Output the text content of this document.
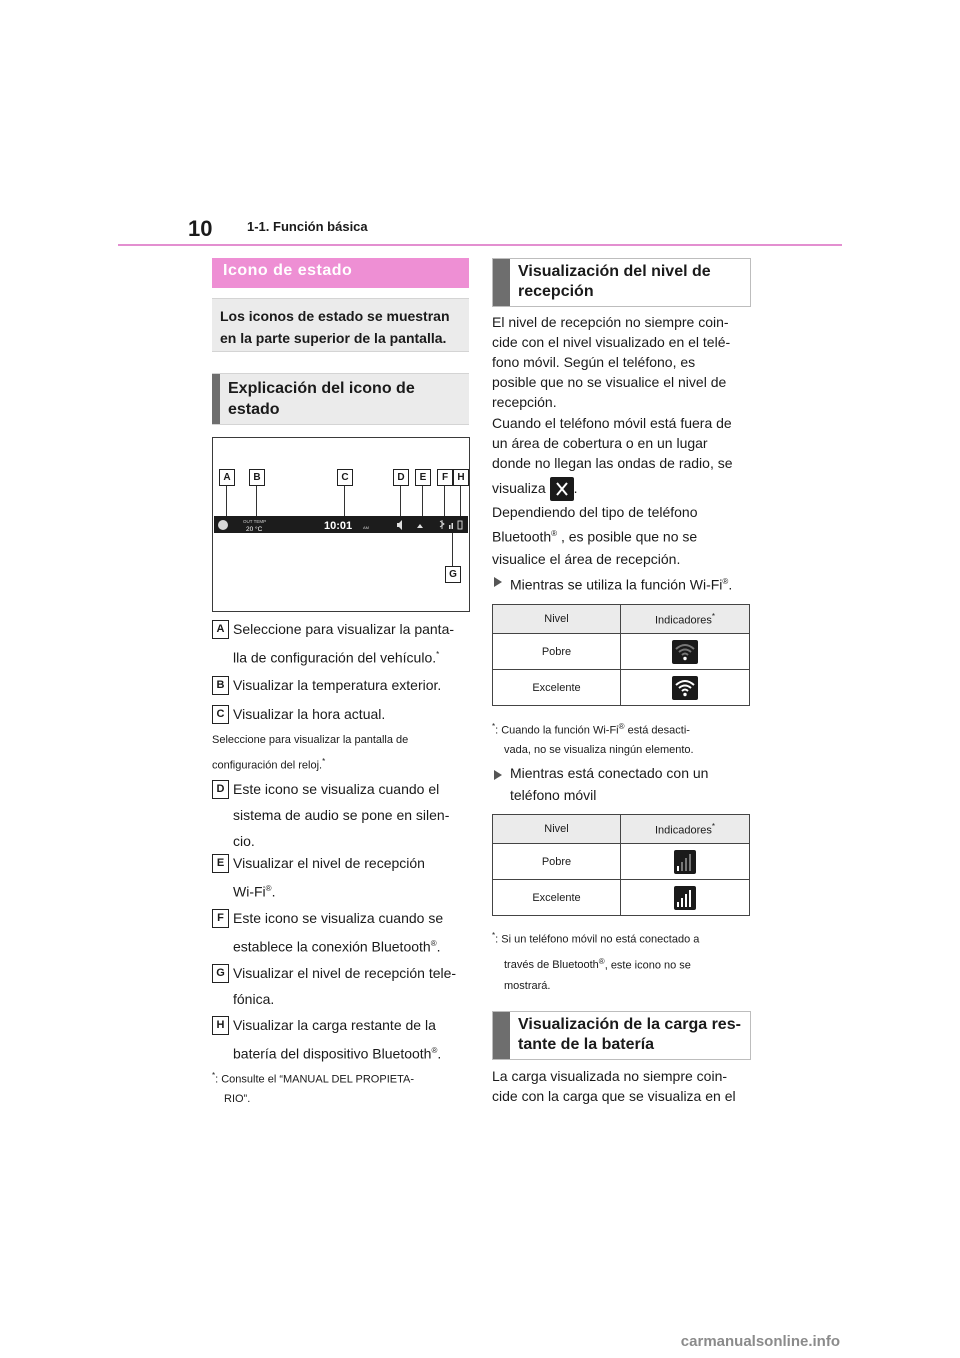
10	1-1. Función básica
Icono de estado
Los iconos de estado se muestran en la parte superior de la pantalla.
Explicación del icono de estado
A	B	C	D	E	F H
G
OUT TEMP
20 °C	10:01	AM
A Seleccione para visualizar la panta-
lla de configuración del vehículo.*
B Visualizar la temperatura exterior.
C Visualizar la hora actual.
Seleccione para visualizar la pantalla de
configuración del reloj.*
D Este icono se visualiza cuando el
sistema de audio se pone en silen-
cio.
E Visualizar el nivel de recepción
Wi-Fi®.
F Este icono se visualiza cuando se
establece la conexión Bluetooth®.
G Visualizar el nivel de recepción tele-
fónica.
H Visualizar la carga restante de la
batería del dispositivo Bluetooth®.
*: Consulte el “MANUAL DEL PROPIETA-
RIO”.
Visualización del nivel de recepción
El nivel de recepción no siempre coin-
cide con el nivel visualizado en el telé-
fono móvil. Según el teléfono, es
posible que no se visualice el nivel de
recepción.
Cuando el teléfono móvil está fuera de
un área de cobertura o en un lugar
donde no llegan las ondas de radio, se
visualiza .
Dependiendo del tipo de teléfono
Bluetooth® , es posible que no se
visualice el área de recepción.
Mientras se utiliza la función Wi-Fi®.
Nivel	Indicadores*
Pobre	
Excelente	
*: Cuando la función Wi-Fi® está desacti-
vada, no se visualiza ningún elemento.
Mientras está conectado con un
teléfono móvil
Nivel	Indicadores*
Pobre	
Excelente	
*: Si un teléfono móvil no está conectado a
través de Bluetooth®, este icono no se
mostrará.
Visualización de la carga res- tante de la batería
La carga visualizada no siempre coin-
cide con la carga que se visualiza en el
carmanualsonline.info
